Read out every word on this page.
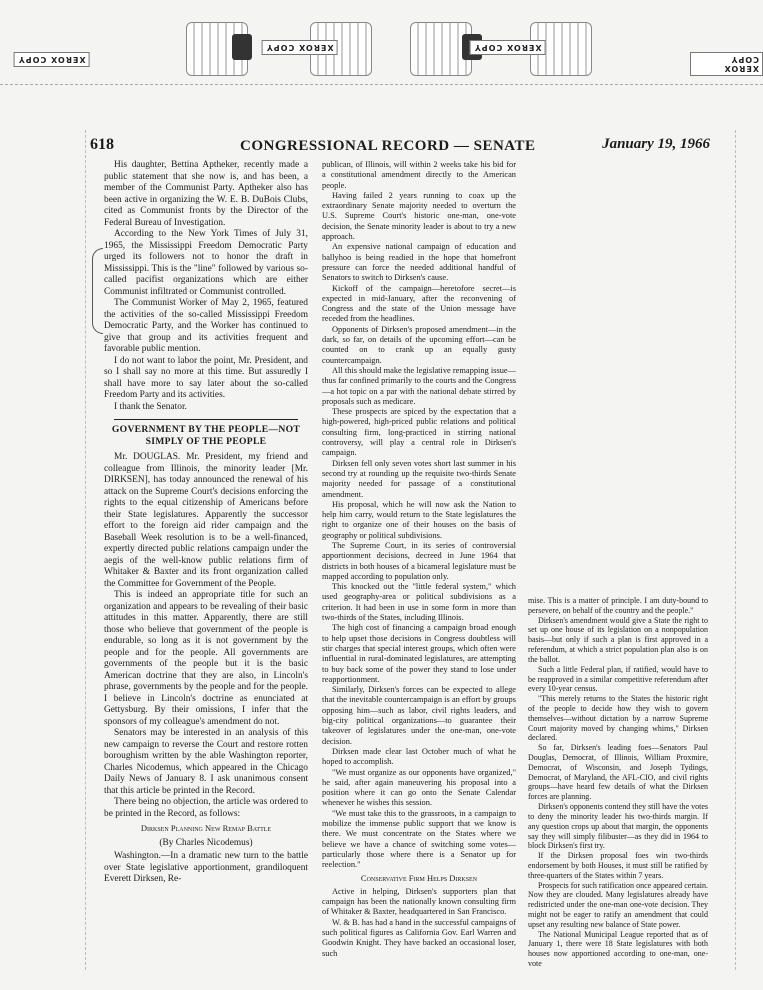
XEROX COPY
XEROX COPY	XEROX COPY
XEROX COPY
618	CONGRESSIONAL RECORD — SENATE	January 19, 1966

His daughter, Bettina Aptheker, recently made a public statement that she now is, and has been, a member of the Communist Party. Aptheker also has been active in organizing the W. E. B. DuBois Clubs, cited as Communist fronts by the Director of the Federal Bureau of Investigation.

According to the New York Times of July 31, 1965, the Mississippi Freedom Democratic Party urged its followers not to honor the draft in Mississippi. This is the "line" followed by various so-called pacifist organizations which are either Communist infiltrated or Communist controlled.

The Communist Worker of May 2, 1965, featured the activities of the so-called Mississippi Freedom Democratic Party, and the Worker has continued to give that group and its activities frequent and favorable public mention.

I do not want to labor the point, Mr. President, and so I shall say no more at this time. But assuredly I shall have more to say later about the so-called Freedom Party and its activities.

I thank the Senator.

GOVERNMENT BY THE PEOPLE—NOT SIMPLY OF THE PEOPLE

Mr. DOUGLAS. Mr. President, my friend and colleague from Illinois, the minority leader [Mr. DIRKSEN], has today announced the renewal of his attack on the Supreme Court's decisions enforcing the rights to the equal citizenship of Americans before their State legislatures. Apparently the successor effort to the foreign aid rider campaign and the Baseball Week resolution is to be a well-financed, expertly directed public relations campaign under the aegis of the well-know public relations firm of Whitaker & Baxter and its front organization called the Committee for Government of the People.

This is indeed an appropriate title for such an organization and appears to be revealing of their basic attitudes in this matter. Apparently, there are still those who believe that government of the people is endurable, so long as it is not government by the people and for the people. All governments are governments of the people but it is the basic American doctrine that they are also, in Lincoln's phrase, governments by the people and for the people. I believe in Lincoln's doctrine as enunciated at Gettysburg. By their omissions, I infer that the sponsors of my colleague's amendment do not.

Senators may be interested in an analysis of this new campaign to reverse the Court and restore rotten boroughism written by the able Washington reporter, Charles Nicodemus, which appeared in the Chicago Daily News of January 8. I ask unanimous consent that this article be printed in the Record.

There being no objection, the article was ordered to be printed in the Record, as follows:

Dirksen Planning New Remap Battle
(By Charles Nicodemus)

Washington.—In a dramatic new turn to the battle over State legislative apportionment, grandiloquent Everett Dirksen, Re-

publican, of Illinois, will within 2 weeks take his bid for a constitutional amendment directly to the American people.

Having failed 2 years running to coax up the extraordinary Senate majority needed to overturn the U.S. Supreme Court's historic one-man, one-vote decision, the Senate minority leader is about to try a new approach.

An expensive national campaign of education and ballyhoo is being readied in the hope that homefront pressure can force the needed additional handful of Senators to switch to Dirksen's cause.

Kickoff of the campaign—heretofore secret—is expected in mid-January, after the reconvening of Congress and the state of the Union message have receded from the headlines.

Opponents of Dirksen's proposed amendment—in the dark, so far, on details of the upcoming effort—can be counted on to crank up an equally gusty countercampaign.

All this should make the legislative remapping issue—thus far confined primarily to the courts and the Congress—a hot topic on a par with the national debate stirred by proposals such as medicare.

These prospects are spiced by the expectation that a high-powered, high-priced public relations and political consulting firm, long-practiced in stirring national controversy, will play a central role in Dirksen's campaign.

Dirksen fell only seven votes short last summer in his second try at rounding up the requisite two-thirds Senate majority needed for passage of a constitutional amendment.

His proposal, which he will now ask the Nation to help him carry, would return to the State legislatures the right to organize one of their houses on the basis of geography or political subdivisions.

The Supreme Court, in its series of controversial apportionment decisions, decreed in June 1964 that districts in both houses of a bicameral legislature must be mapped according to population only.

This knocked out the "little federal system," which used geography-area or political subdivisions as a criterion. It had been in use in some form in more than two-thirds of the States, including Illinois.

The high cost of financing a campaign broad enough to help upset those decisions in Congress doubtless will stir charges that special interest groups, which often were influential in rural-dominated legislatures, are attempting to buy back some of the power they stand to lose under reapportionment.

Similarly, Dirksen's forces can be expected to allege that the inevitable countercampaign is an effort by groups opposing him—such as labor, civil rights leaders, and big-city political organizations—to guarantee their takeover of legislatures under the one-man, one-vote decision.

Dirksen made clear last October much of what he hoped to accomplish.

"We must organize as our opponents have organized," he said, after again maneuvering his proposal into a position where it can go onto the Senate Calendar whenever he wishes this session.

"We must take this to the grassroots, in a campaign to mobilize the immense public support that we know is there. We must concentrate on the States where we believe we have a chance of switching some votes—particularly those where there is a Senator up for reelection."

Conservative Firm Helps Dirksen

Active in helping, Dirksen's supporters plan that campaign has been the nationally known consulting firm of Whitaker & Baxter, headquartered in San Francisco.

W. & B. has had a hand in the successful campaigns of such political figures as California Gov. Earl Warren and Goodwin Knight. They have backed an occasional loser, such

mise. This is a matter of principle. I am duty-bound to persevere, on behalf of the country and the people."

Dirksen's amendment would give a State the right to set up one house of its legislation on a nonpopulation basis—but only if such a plan is first approved in a referendum, at which a strict population plan also is on the ballot.

Such a little Federal plan, if ratified, would have to be reapproved in a similar competitive referendum after every 10-year census.

"This merely returns to the States the historic right of the people to decide how they wish to govern themselves—without dictation by a narrow Supreme Court majority moved by changing whims," Dirksen declared.

So far, Dirksen's leading foes—Senators Paul Douglas, Democrat, of Illinois, William Proxmire, Democrat, of Wisconsin, and Joseph Tydings, Democrat, of Maryland, the AFL-CIO, and civil rights groups—have heard few details of what the Dirksen forces are planning.

Dirksen's opponents contend they still have the votes to deny the minority leader his two-thirds margin. If any question crops up about that margin, the opponents say they will simply filibuster—as they did in 1964 to block Dirksen's first try.

If the Dirksen proposal foes win two-thirds endorsement by both Houses, it must still be ratified by three-quarters of the States within 7 years.

Prospects for such ratification once appeared certain. Now they are clouded. Many legislatures already have redistricted under the one-man one-vote decision. They might not be eager to ratify an amendment that could upset any resulting new balance of State power.

The National Municipal League reported that as of January 1, there were 18 State legislatures with both houses now apportioned according to one-man, one-vote
